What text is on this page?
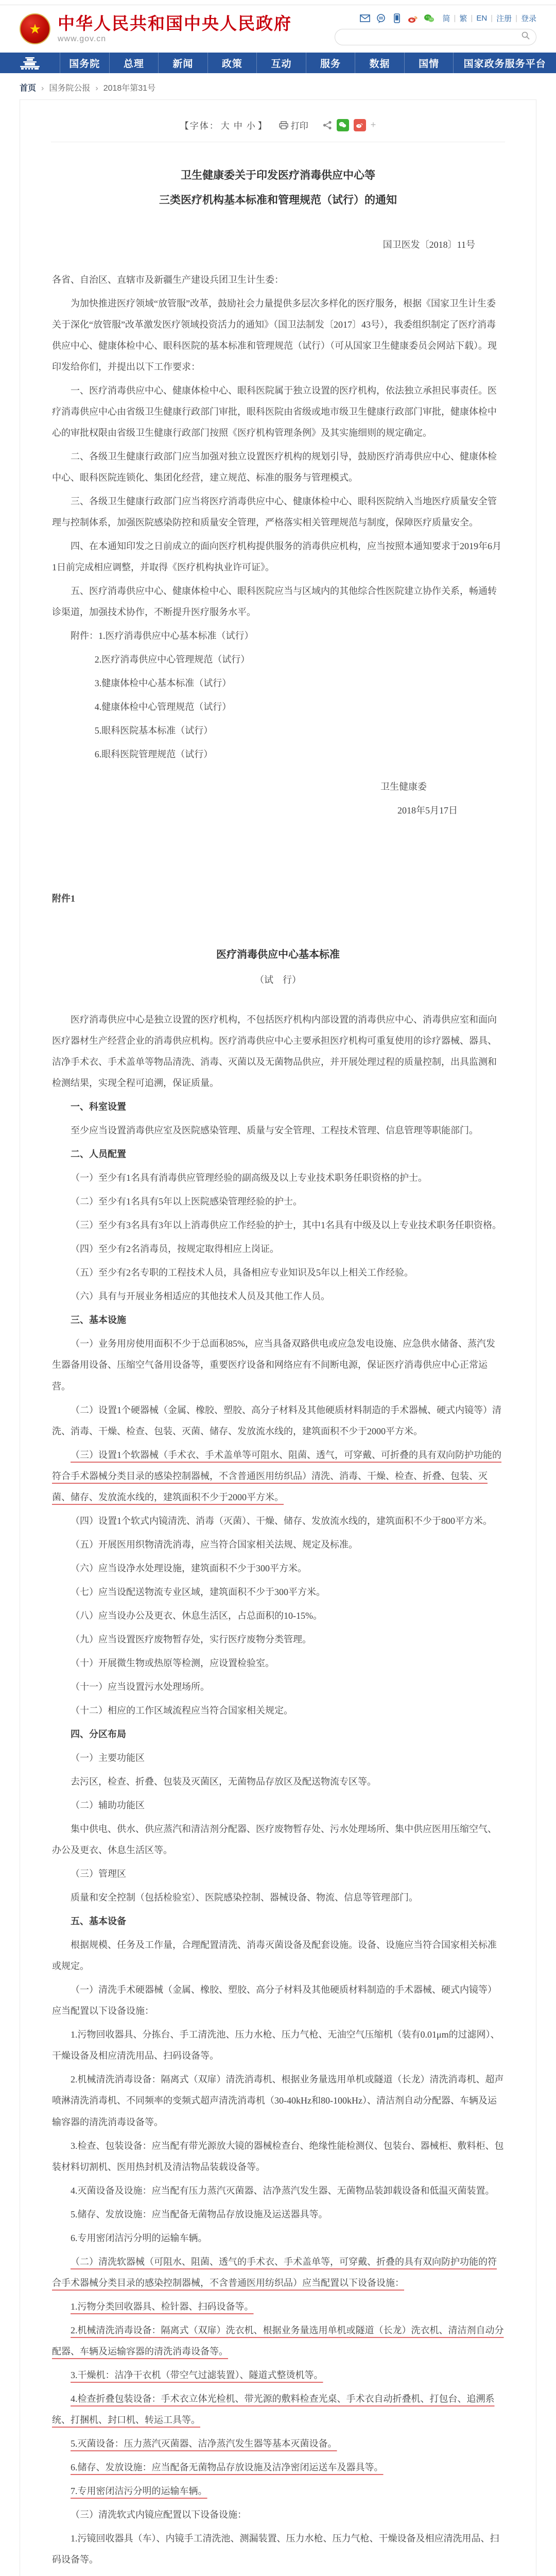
★ 中华人民共和国中央人民政府
www.gov.cn
简 | 繁 | EN | 注册 | 登录
国务院	总理	新闻	政策	互动	服务	数据	国情	国家政务服务平台
首页 › 国务院公报 › 2018年第31号
【字体： 大 中 小 】	打印	+
卫生健康委关于印发医疗消毒供应中心等
三类医疗机构基本标准和管理规范（试行）的通知
国卫医发〔2018〕11号

各省、自治区、直辖市及新疆生产建设兵团卫生计生委：

为加快推进医疗领域“放管服”改革，鼓励社会力量提供多层次多样化的医疗服务，根据《国家卫生计生委关于深化“放管服”改革激发医疗领域投资活力的通知》（国卫法制发〔2017〕43号），我委组织制定了医疗消毒供应中心、健康体检中心、眼科医院的基本标准和管理规范（试行）（可从国家卫生健康委员会网站下载）。现印发给你们，并提出以下工作要求：

一、医疗消毒供应中心、健康体检中心、眼科医院属于独立设置的医疗机构，依法独立承担民事责任。医疗消毒供应中心由省级卫生健康行政部门审批，眼科医院由省级或地市级卫生健康行政部门审批，健康体检中心的审批权限由省级卫生健康行政部门按照《医疗机构管理条例》及其实施细则的规定确定。

二、各级卫生健康行政部门应当加强对独立设置医疗机构的规划引导，鼓励医疗消毒供应中心、健康体检中心、眼科医院连锁化、集团化经营，建立规范、标准的服务与管理模式。

三、各级卫生健康行政部门应当将医疗消毒供应中心、健康体检中心、眼科医院纳入当地医疗质量安全管理与控制体系，加强医院感染防控和质量安全管理，严格落实相关管理规范与制度，保障医疗质量安全。

四、在本通知印发之日前成立的面向医疗机构提供服务的消毒供应机构，应当按照本通知要求于2019年6月1日前完成相应调整，并取得《医疗机构执业许可证》。

五、医疗消毒供应中心、健康体检中心、眼科医院应当与区域内的其他综合性医院建立协作关系，畅通转诊渠道，加强技术协作，不断提升医疗服务水平。

附件：1.医疗消毒供应中心基本标准（试行）

2.医疗消毒供应中心管理规范（试行）

3.健康体检中心基本标准（试行）

4.健康体检中心管理规范（试行）

5.眼科医院基本标准（试行）

6.眼科医院管理规范（试行）

卫生健康委

2018年5月17日

附件1

医疗消毒供应中心基本标准

（试　行）

医疗消毒供应中心是独立设置的医疗机构，不包括医疗机构内部设置的消毒供应中心、消毒供应室和面向医疗器材生产经营企业的消毒供应机构。医疗消毒供应中心主要承担医疗机构可重复使用的诊疗器械、器具、洁净手术衣、手术盖单等物品清洗、消毒、灭菌以及无菌物品供应，并开展处理过程的质量控制，出具监测和检测结果，实现全程可追溯，保证质量。

一、科室设置

至少应当设置消毒供应室及医院感染管理、质量与安全管理、工程技术管理、信息管理等职能部门。

二、人员配置

（一）至少有1名具有消毒供应管理经验的副高级及以上专业技术职务任职资格的护士。

（二）至少有1名具有5年以上医院感染管理经验的护士。

（三）至少有3名具有3年以上消毒供应工作经验的护士，其中1名具有中级及以上专业技术职务任职资格。

（四）至少有2名消毒员，按规定取得相应上岗证。

（五）至少有2名专职的工程技术人员，具备相应专业知识及5年以上相关工作经验。

（六）具有与开展业务相适应的其他技术人员及其他工作人员。

三、基本设施

（一）业务用房使用面积不少于总面积85%，应当具备双路供电或应急发电设施、应急供水储备、蒸汽发生器备用设备、压缩空气备用设备等，重要医疗设备和网络应有不间断电源，保证医疗消毒供应中心正常运营。

（二）设置1个硬器械（金属、橡胶、塑胶、高分子材料及其他硬质材料制造的手术器械、硬式内镜等）清洗、消毒、干燥、检查、包装、灭菌、储存、发放流水线的，建筑面积不少于2000平方米。

（三）设置1个软器械（手术衣、手术盖单等可阻水、阻菌、透气，可穿戴、可折叠的具有双向防护功能的符合手术器械分类目录的感染控制器械，不含普通医用纺织品）清洗、消毒、干燥、检查、折叠、包装、灭菌、储存、发放流水线的，建筑面积不少于2000平方米。

（四）设置1个软式内镜清洗、消毒（灭菌）、干燥、储存、发放流水线的，建筑面积不少于800平方米。

（五）开展医用织物清洗消毒，应当符合国家相关法规、规定及标准。

（六）应当设净水处理设施，建筑面积不少于300平方米。

（七）应当设配送物流专业区域，建筑面积不少于300平方米。

（八）应当设办公及更衣、休息生活区，占总面积的10-15%。

（九）应当设置医疗废物暂存处，实行医疗废物分类管理。

（十）开展微生物或热原等检测，应设置检验室。

（十一）应当设置污水处理场所。

（十二）相应的工作区域流程应当符合国家相关规定。

四、分区布局

（一）主要功能区

去污区，检查、折叠、包装及灭菌区，无菌物品存放区及配送物流专区等。

（二）辅助功能区

集中供电、供水、供应蒸汽和清洁剂分配器、医疗废物暂存处、污水处理场所、集中供应医用压缩空气、办公及更衣、休息生活区等。

（三）管理区

质量和安全控制（包括检验室）、医院感染控制、器械设备、物流、信息等管理部门。

五、基本设备

根据规模、任务及工作量，合理配置清洗、消毒灭菌设备及配套设施。设备、设施应当符合国家相关标准或规定。

（一）清洗手术硬器械（金属、橡胶、塑胶、高分子材料及其他硬质材料制造的手术器械、硬式内镜等）应当配置以下设备设施：

1.污物回收器具、分拣台、手工清洗池、压力水枪、压力气枪、无油空气压缩机（装有0.01μm的过滤网）、干燥设备及相应清洗用品、扫码设备等。

2.机械清洗消毒设备：隔离式（双扉）清洗消毒机、根据业务量选用单机或隧道（长龙）清洗消毒机、超声喷淋清洗消毒机、不同频率的变频式超声清洗消毒机（30-40kHz和80-100kHz）、清洁剂自动分配器、车辆及运输容器的清洗消毒设备等。

3.检查、包装设备：应当配有带光源放大镜的器械检查台、绝缘性能检测仪、包装台、器械柜、敷料柜、包装材料切割机、医用热封机及清洁物品装载设备等。

4.灭菌设备及设施：应当配有压力蒸汽灭菌器、洁净蒸汽发生器、无菌物品装卸载设备和低温灭菌装置。

5.储存、发放设施：应当配备无菌物品存放设施及运送器具等。

6.专用密闭洁污分明的运输车辆。

（二）清洗软器械（可阻水、阻菌、透气的手术衣、手术盖单等，可穿戴、折叠的具有双向防护功能的符合手术器械分类目录的感染控制器械，不含普通医用纺织品）应当配置以下设备设施：

1.污物分类回收器具、检针器、扫码设备等。

2.机械清洗消毒设备：隔离式（双扉）洗衣机、根据业务量选用单机或隧道（长龙）洗衣机、清洁剂自动分配器、车辆及运输容器的清洗消毒设备等。

3.干燥机：洁净干衣机（带空气过滤装置）、隧道式整烫机等。

4.检查折叠包装设备：手术衣立体光检机、带光源的敷料检查光桌、手术衣自动折叠机、打包台、追溯系统、打捆机、封口机、转运工具等。

5.灭菌设备：压力蒸汽灭菌器、洁净蒸汽发生器等基本灭菌设备。

6.储存、发放设施：应当配备无菌物品存放设施及洁净密闭运送车及器具等。

7.专用密闭洁污分明的运输车辆。

（三）清洗软式内镜应配置以下设备设施：

1.污镜回收器具（车）、内镜手工清洗池、测漏装置、压力水枪、压力气枪、干燥设备及相应清洗用品、扫码设备等。
